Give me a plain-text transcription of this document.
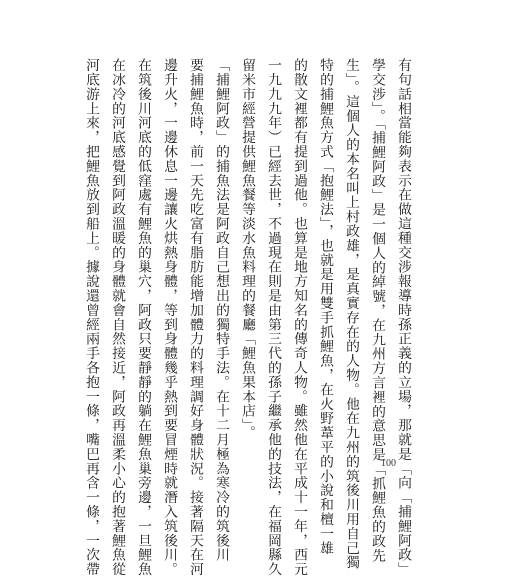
有句話相當能夠表示在做這種交涉報導時孫正義的立場，那就是「向「捕鯉阿政」

學交涉」。「捕鯉阿政」是一個人的綽號，在九州方言裡的意思是「抓鯉魚的政先

生」。這個人的本名叫上村政雄，是真實存在的人物。他在九州的筑後川用自己獨

特的捕鯉魚方式「抱鯉法」，也就是用雙手抓鯉魚，在火野葦平的小說和檀一雄

的散文裡都有提到過他。也算是地方知名的傳奇人物。雖然他在平成十一年，西元

一九九九年）已經去世，不過現在則是由第三代的孫子繼承他的技法，在福岡縣久

留米市經營提供鯉魚餐等淡水魚料理的餐廳「鯉魚果本店」。

「捕鯉阿政」的捕魚法是阿政自己想出的獨特手法。在十二月極為寒冷的筑後川

要捕鯉魚時，前一天先吃富有脂肪能增加體力的料理調好身體狀況。接著隔天在河

邊升火，一邊休息一邊讓火烘熱身體，等到身體幾乎熱到要冒煙時就潛入筑後川。

在筑後川河底的低窪處有鯉魚的巢穴，阿政只要靜靜的躺在鯉魚巢旁邊，一旦鯉魚

在冰冷的河底感覺到阿政溫暖的身體就會自然接近，阿政再溫柔小心的抱著鯉魚從

河底游上來，把鯉魚放到船上。據說還曾經兩手各抱一條，嘴巴再含一條，一次帶	100
